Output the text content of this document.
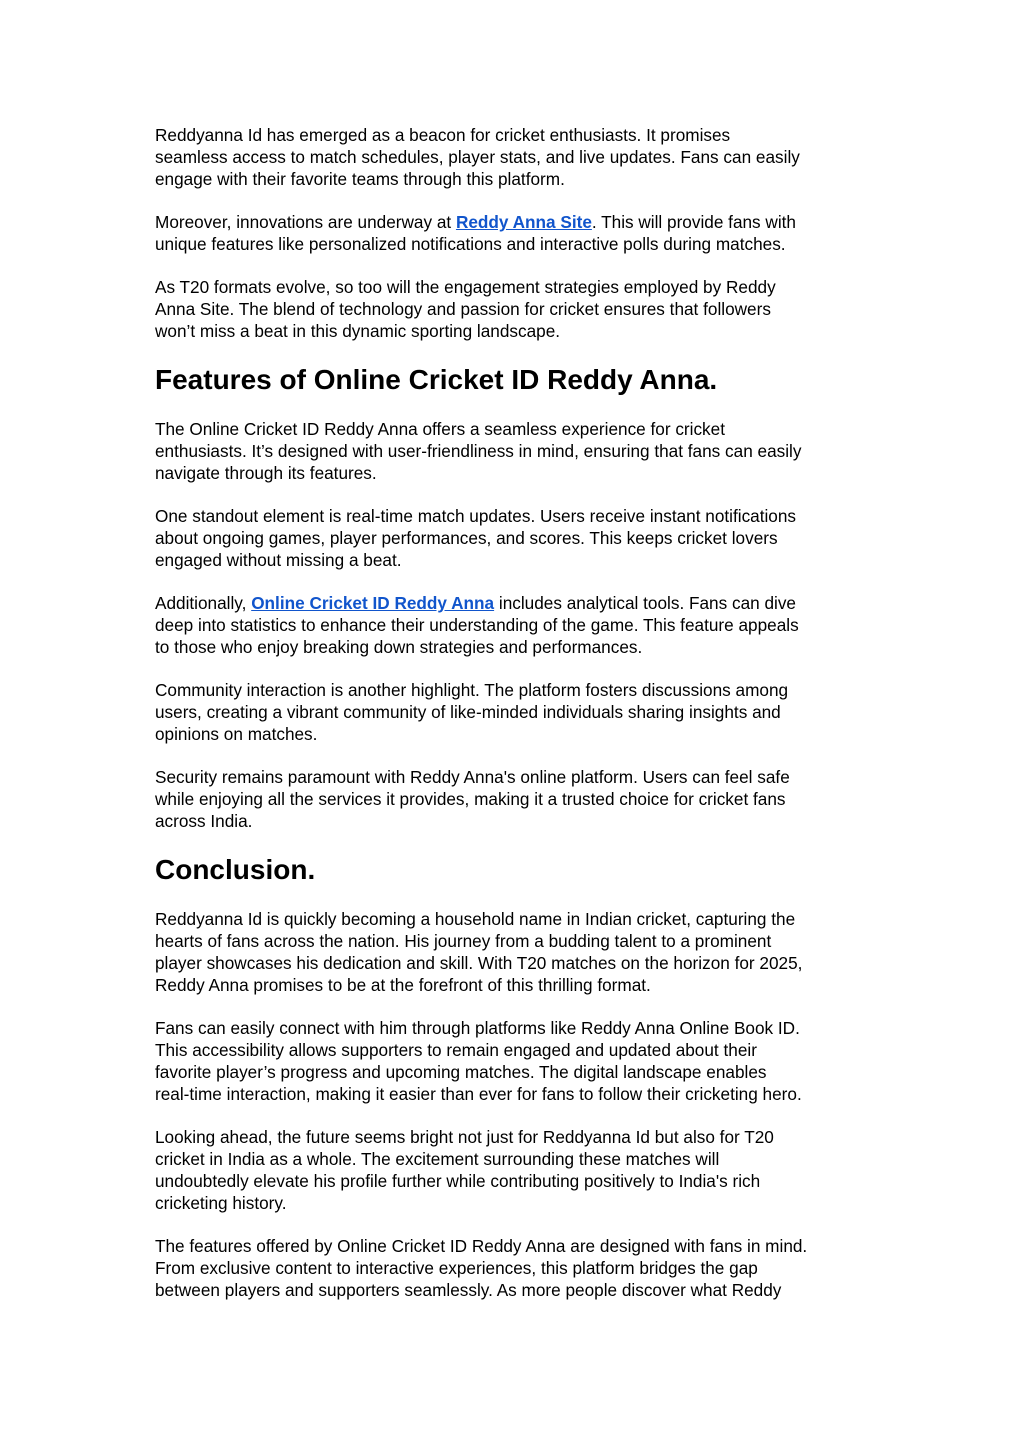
Reddyanna Id has emerged as a beacon for cricket enthusiasts. It promises
seamless access to match schedules, player stats, and live updates. Fans can easily
engage with their favorite teams through this platform.

Moreover, innovations are underway at Reddy Anna Site. This will provide fans with
unique features like personalized notifications and interactive polls during matches.

As T20 formats evolve, so too will the engagement strategies employed by Reddy
Anna Site. The blend of technology and passion for cricket ensures that followers
won’t miss a beat in this dynamic sporting landscape.

Features of Online Cricket ID Reddy Anna.

The Online Cricket ID Reddy Anna offers a seamless experience for cricket
enthusiasts. It’s designed with user-friendliness in mind, ensuring that fans can easily
navigate through its features.

One standout element is real-time match updates. Users receive instant notifications
about ongoing games, player performances, and scores. This keeps cricket lovers
engaged without missing a beat.

Additionally, Online Cricket ID Reddy Anna includes analytical tools. Fans can dive
deep into statistics to enhance their understanding of the game. This feature appeals
to those who enjoy breaking down strategies and performances.

Community interaction is another highlight. The platform fosters discussions among
users, creating a vibrant community of like-minded individuals sharing insights and
opinions on matches.

Security remains paramount with Reddy Anna's online platform. Users can feel safe
while enjoying all the services it provides, making it a trusted choice for cricket fans
across India.

Conclusion.

Reddyanna Id is quickly becoming a household name in Indian cricket, capturing the
hearts of fans across the nation. His journey from a budding talent to a prominent
player showcases his dedication and skill. With T20 matches on the horizon for 2025,
Reddy Anna promises to be at the forefront of this thrilling format.

Fans can easily connect with him through platforms like Reddy Anna Online Book ID.
This accessibility allows supporters to remain engaged and updated about their
favorite player’s progress and upcoming matches. The digital landscape enables
real-time interaction, making it easier than ever for fans to follow their cricketing hero.

Looking ahead, the future seems bright not just for Reddyanna Id but also for T20
cricket in India as a whole. The excitement surrounding these matches will
undoubtedly elevate his profile further while contributing positively to India's rich
cricketing history.

The features offered by Online Cricket ID Reddy Anna are designed with fans in mind.
From exclusive content to interactive experiences, this platform bridges the gap
between players and supporters seamlessly. As more people discover what Reddy
